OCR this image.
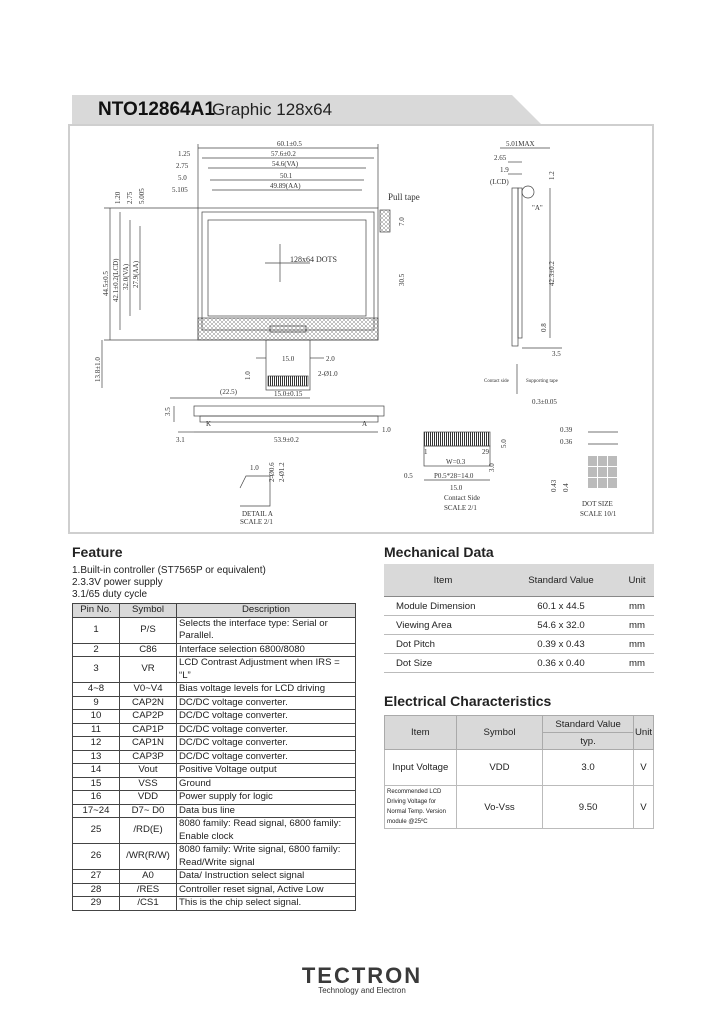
NTO12864A1
Graphic 128x64
60.1±0.5
57.6±0.2
54.6(VA)
50.1
49.89(AA)
1.25
2.75
5.0
5.105
1.20 2.75 5.005
44.5±0.5 42.1±0.2(LCD) 32.0(VA) 27.9(AA)
Pull tape
7.0
128x64 DOTS
30.5
13.8±1.0	15.0	2.0
2-Ø1.0
1.0
(22.5)	15.0±0.15
3.5
K	A
1.0
3.1	53.9±0.2
1.0 2-Ø0.6 2-Ø1.2
DETAIL A
SCALE 2/1
5.01MAX
2.65
1.9
(LCD)
1.2
"A"
42.3±0.2
0.8
3.5
0.3±0.05
Contact side	Supporting tape
1	29
W=0.3
P0.5*28=14.0
15.0
0.5
3.0
5.0
Contact Side
SCALE 2/1
0.39
0.36
0.43 0.4
DOT SIZE
SCALE 10/1
Feature
1.Built-in controller (ST7565P or equivalent)
2.3.3V power supply
3.1/65 duty cycle
Pin No.	Symbol	Description
1	P/S	Selects the interface type: Serial or Parallel.
2	C86	Interface selection 6800/8080
3	VR	LCD Contrast Adjustment when IRS = “L”
4~8	V0~V4	Bias voltage levels for LCD driving
9	CAP2N	DC/DC voltage converter.
10	CAP2P	DC/DC voltage converter.
11	CAP1P	DC/DC voltage converter.
12	CAP1N	DC/DC voltage converter.
13	CAP3P	DC/DC voltage converter.
14	Vout	Positive Voltage output
15	VSS	Ground
16	VDD	Power supply for logic
17~24	D7~ D0	Data bus line
25	/RD(E)	8080 family: Read signal, 6800 family: Enable clock
26	/WR(R/W)	8080 family: Write signal, 6800 family: Read/Write signal
27	A0	Data/ Instruction select signal
28	/RES	Controller reset signal, Active Low
29	/CS1	This is the chip select signal.
Mechanical Data
Item	Standard Value	Unit
Module Dimension	60.1 x 44.5	mm
Viewing Area	54.6 x 32.0	mm
Dot Pitch	0.39 x 0.43	mm
Dot Size	0.36 x 0.40	mm
Electrical Characteristics
Item	Symbol	Standard Value	Unit
		typ.	
Input Voltage	VDD	3.0	V
Recommended LCD Driving Voltage for Normal Temp. Version module @25ºC	Vo-Vss	9.50	V
TECTRON
Technology and Electron
